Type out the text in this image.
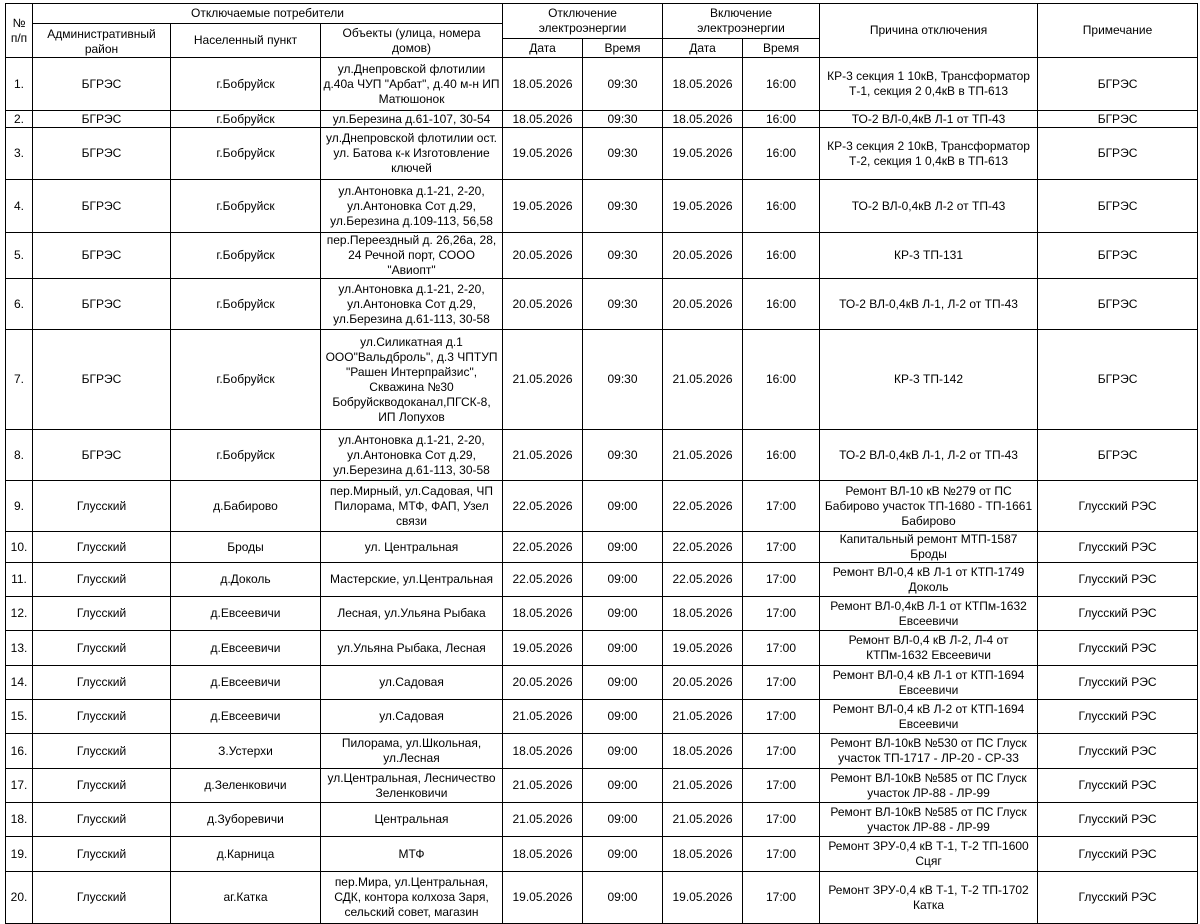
№
п/п	Отключаемые потребители			Отключение электроэнергии		Включение электроэнергии		Причина отключения	Примечание
	Административный район	Населенный пункт	Объекты (улица, номера домов)						
				Дата	Время	Дата	Время		
1.	БГРЭС	г.Бобруйск	ул.Днепровской флотилии д.40а ЧУП "Арбат", д.40 м-н ИП Матюшонок	18.05.2026	09:30	18.05.2026	16:00	КР-3 секция 1 10кВ, Трансформатор Т-1, секция 2 0,4кВ в ТП-613	БГРЭС
2.	БГРЭС	г.Бобруйск	ул.Березина д.61-107, 30-54	18.05.2026	09:30	18.05.2026	16:00	ТО-2 ВЛ-0,4кВ Л-1 от ТП-43	БГРЭС
3.	БГРЭС	г.Бобруйск	ул.Днепровской флотилии ост. ул. Батова к-к Изготовление ключей	19.05.2026	09:30	19.05.2026	16:00	КР-3 секция 2 10кВ, Трансформатор Т-2, секция 1 0,4кВ в ТП-613	БГРЭС
4.	БГРЭС	г.Бобруйск	ул.Антоновка д.1-21, 2-20, ул.Антоновка Сот д.29, ул.Березина д.109-113, 56,58	19.05.2026	09:30	19.05.2026	16:00	ТО-2 ВЛ-0,4кВ Л-2 от ТП-43	БГРЭС
5.	БГРЭС	г.Бобруйск	пер.Переездный д. 26,26а, 28, 24 Речной порт, СООО "Авиопт"	20.05.2026	09:30	20.05.2026	16:00	КР-3 ТП-131	БГРЭС
6.	БГРЭС	г.Бобруйск	ул.Антоновка д.1-21, 2-20, ул.Антоновка Сот д.29, ул.Березина д.61-113, 30-58	20.05.2026	09:30	20.05.2026	16:00	ТО-2 ВЛ-0,4кВ Л-1, Л-2 от ТП-43	БГРЭС
7.	БГРЭС	г.Бобруйск	ул.Силикатная д.1 ООО"Вальдброль", д.3 ЧПТУП "Рашен Интерпрайзис", Скважина №30 Бобруйскводоканал,ПГСК-8, ИП Лопухов	21.05.2026	09:30	21.05.2026	16:00	КР-3 ТП-142	БГРЭС
8.	БГРЭС	г.Бобруйск	ул.Антоновка д.1-21, 2-20, ул.Антоновка Сот д.29, ул.Березина д.61-113, 30-58	21.05.2026	09:30	21.05.2026	16:00	ТО-2 ВЛ-0,4кВ Л-1, Л-2 от ТП-43	БГРЭС
9.	Глусский	д.Бабирово	пер.Мирный, ул.Садовая, ЧП Пилорама, МТФ, ФАП, Узел связи	22.05.2026	09:00	22.05.2026	17:00	Ремонт ВЛ-10 кВ №279 от ПС Бабирово участок ТП-1680 - ТП-1661 Бабирово	Глусский РЭС
10.	Глусский	Броды	ул. Центральная	22.05.2026	09:00	22.05.2026	17:00	Капитальный ремонт МТП-1587 Броды	Глусский РЭС
11.	Глусский	д.Доколь	Мастерские, ул.Центральная	22.05.2026	09:00	22.05.2026	17:00	Ремонт ВЛ-0,4 кВ Л-1 от КТП-1749 Доколь	Глусский РЭС
12.	Глусский	д.Евсеевичи	Лесная, ул.Ульяна Рыбака	18.05.2026	09:00	18.05.2026	17:00	Ремонт ВЛ-0,4кВ Л-1 от КТПм-1632 Евсеевичи	Глусский РЭС
13.	Глусский	д.Евсеевичи	ул.Ульяна Рыбака, Лесная	19.05.2026	09:00	19.05.2026	17:00	Ремонт ВЛ-0,4 кВ Л-2, Л-4 от КТПм-1632 Евсеевичи	Глусский РЭС
14.	Глусский	д.Евсеевичи	ул.Садовая	20.05.2026	09:00	20.05.2026	17:00	Ремонт ВЛ-0,4 кВ Л-1 от КТП-1694 Евсеевичи	Глусский РЭС
15.	Глусский	д.Евсеевичи	ул.Садовая	21.05.2026	09:00	21.05.2026	17:00	Ремонт ВЛ-0,4 кВ Л-2 от КТП-1694 Евсеевичи	Глусский РЭС
16.	Глусский	З.Устерхи	Пилорама, ул.Школьная, ул.Лесная	18.05.2026	09:00	18.05.2026	17:00	Ремонт ВЛ-10кВ №530 от ПС Глуск участок ТП-1717 - ЛР-20 - СР-33	Глусский РЭС
17.	Глусский	д.Зеленковичи	ул.Центральная, Лесничество Зеленковичи	21.05.2026	09:00	21.05.2026	17:00	Ремонт ВЛ-10кВ №585 от ПС Глуск участок ЛР-88 - ЛР-99	Глусский РЭС
18.	Глусский	д.Зуборевичи	Центральная	21.05.2026	09:00	21.05.2026	17:00	Ремонт ВЛ-10кВ №585 от ПС Глуск участок ЛР-88 - ЛР-99	Глусский РЭС
19.	Глусский	д.Карница	МТФ	18.05.2026	09:00	18.05.2026	17:00	Ремонт ЗРУ-0,4 кВ Т-1, Т-2 ТП-1600 Сцяг	Глусский РЭС
20.	Глусский	аг.Катка	пер.Мира, ул.Центральная, СДК, контора колхоза Заря, сельский совет, магазин	19.05.2026	09:00	19.05.2026	17:00	Ремонт ЗРУ-0,4 кВ Т-1, Т-2 ТП-1702 Катка	Глусский РЭС
